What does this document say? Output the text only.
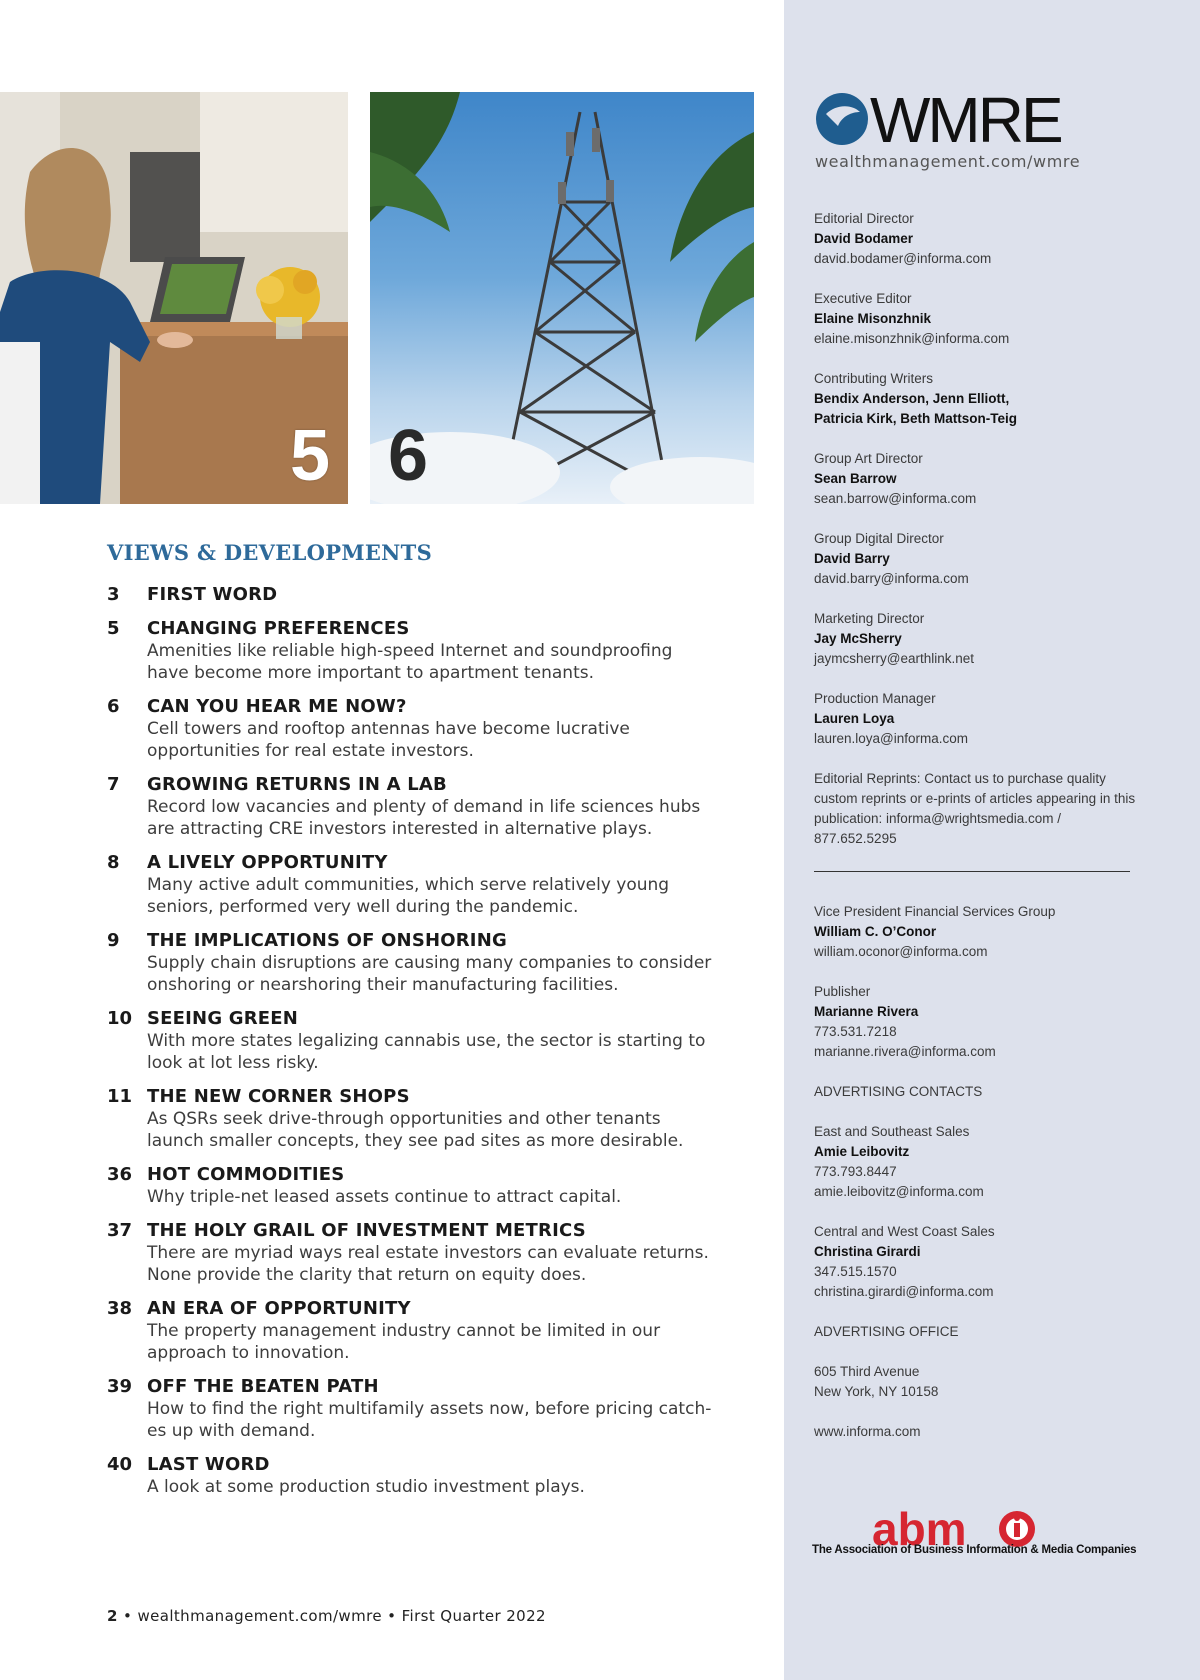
5 6
VIEWS & DEVELOPMENTS
3 FIRST WORD
5 CHANGING PREFERENCES
Amenities like reliable high-speed Internet and soundproofing
have become more important to apartment tenants.
6 CAN YOU HEAR ME NOW?
Cell towers and rooftop antennas have become lucrative
opportunities for real estate investors.
7 GROWING RETURNS IN A LAB
Record low vacancies and plenty of demand in life sciences hubs
are attracting CRE investors interested in alternative plays.
8 A LIVELY OPPORTUNITY
Many active adult communities, which serve relatively young
seniors, performed very well during the pandemic.
9 THE IMPLICATIONS OF ONSHORING
Supply chain disruptions are causing many companies to consider
onshoring or nearshoring their manufacturing facilities.
10 SEEING GREEN
With more states legalizing cannabis use, the sector is starting to
look at lot less risky.
11 THE NEW CORNER SHOPS
As QSRs seek drive-through opportunities and other tenants
launch smaller concepts, they see pad sites as more desirable.
36 HOT COMMODITIES
Why triple-net leased assets continue to attract capital.
37 THE HOLY GRAIL OF INVESTMENT METRICS
There are myriad ways real estate investors can evaluate returns.
None provide the clarity that return on equity does.
38 AN ERA OF OPPORTUNITY
The property management industry cannot be limited in our
approach to innovation.
39 OFF THE BEATEN PATH
How to find the right multifamily assets now, before pricing catch-
es up with demand.
40 LAST WORD
A look at some production studio investment plays.
2 • wealthmanagement.com/wmre • First Quarter 2022
WMRE
wealthmanagement.com/wmre
Editorial Director
David Bodamer
david.bodamer@informa.com
Executive Editor
Elaine Misonzhnik
elaine.misonzhnik@informa.com
Contributing Writers
Bendix Anderson, Jenn Elliott,
Patricia Kirk, Beth Mattson-Teig
Group Art Director
Sean Barrow
sean.barrow@informa.com
Group Digital Director
David Barry
david.barry@informa.com
Marketing Director
Jay McSherry
jaymcsherry@earthlink.net
Production Manager
Lauren Loya
lauren.loya@informa.com
Editorial Reprints: Contact us to purchase quality
custom reprints or e-prints of articles appearing in this
publication: informa@wrightsmedia.com / 877.652.5295
Vice President Financial Services Group
William C. O’Conor
william.oconor@informa.com
Publisher
Marianne Rivera
773.531.7218
marianne.rivera@informa.com
ADVERTISING CONTACTS
East and Southeast Sales
Amie Leibovitz
773.793.8447
amie.leibovitz@informa.com
Central and West Coast Sales
Christina Girardi
347.515.1570
christina.girardi@informa.com
ADVERTISING OFFICE
605 Third Avenue
New York, NY 10158
www.informa.com
abm
The Association of Business Information & Media Companies
